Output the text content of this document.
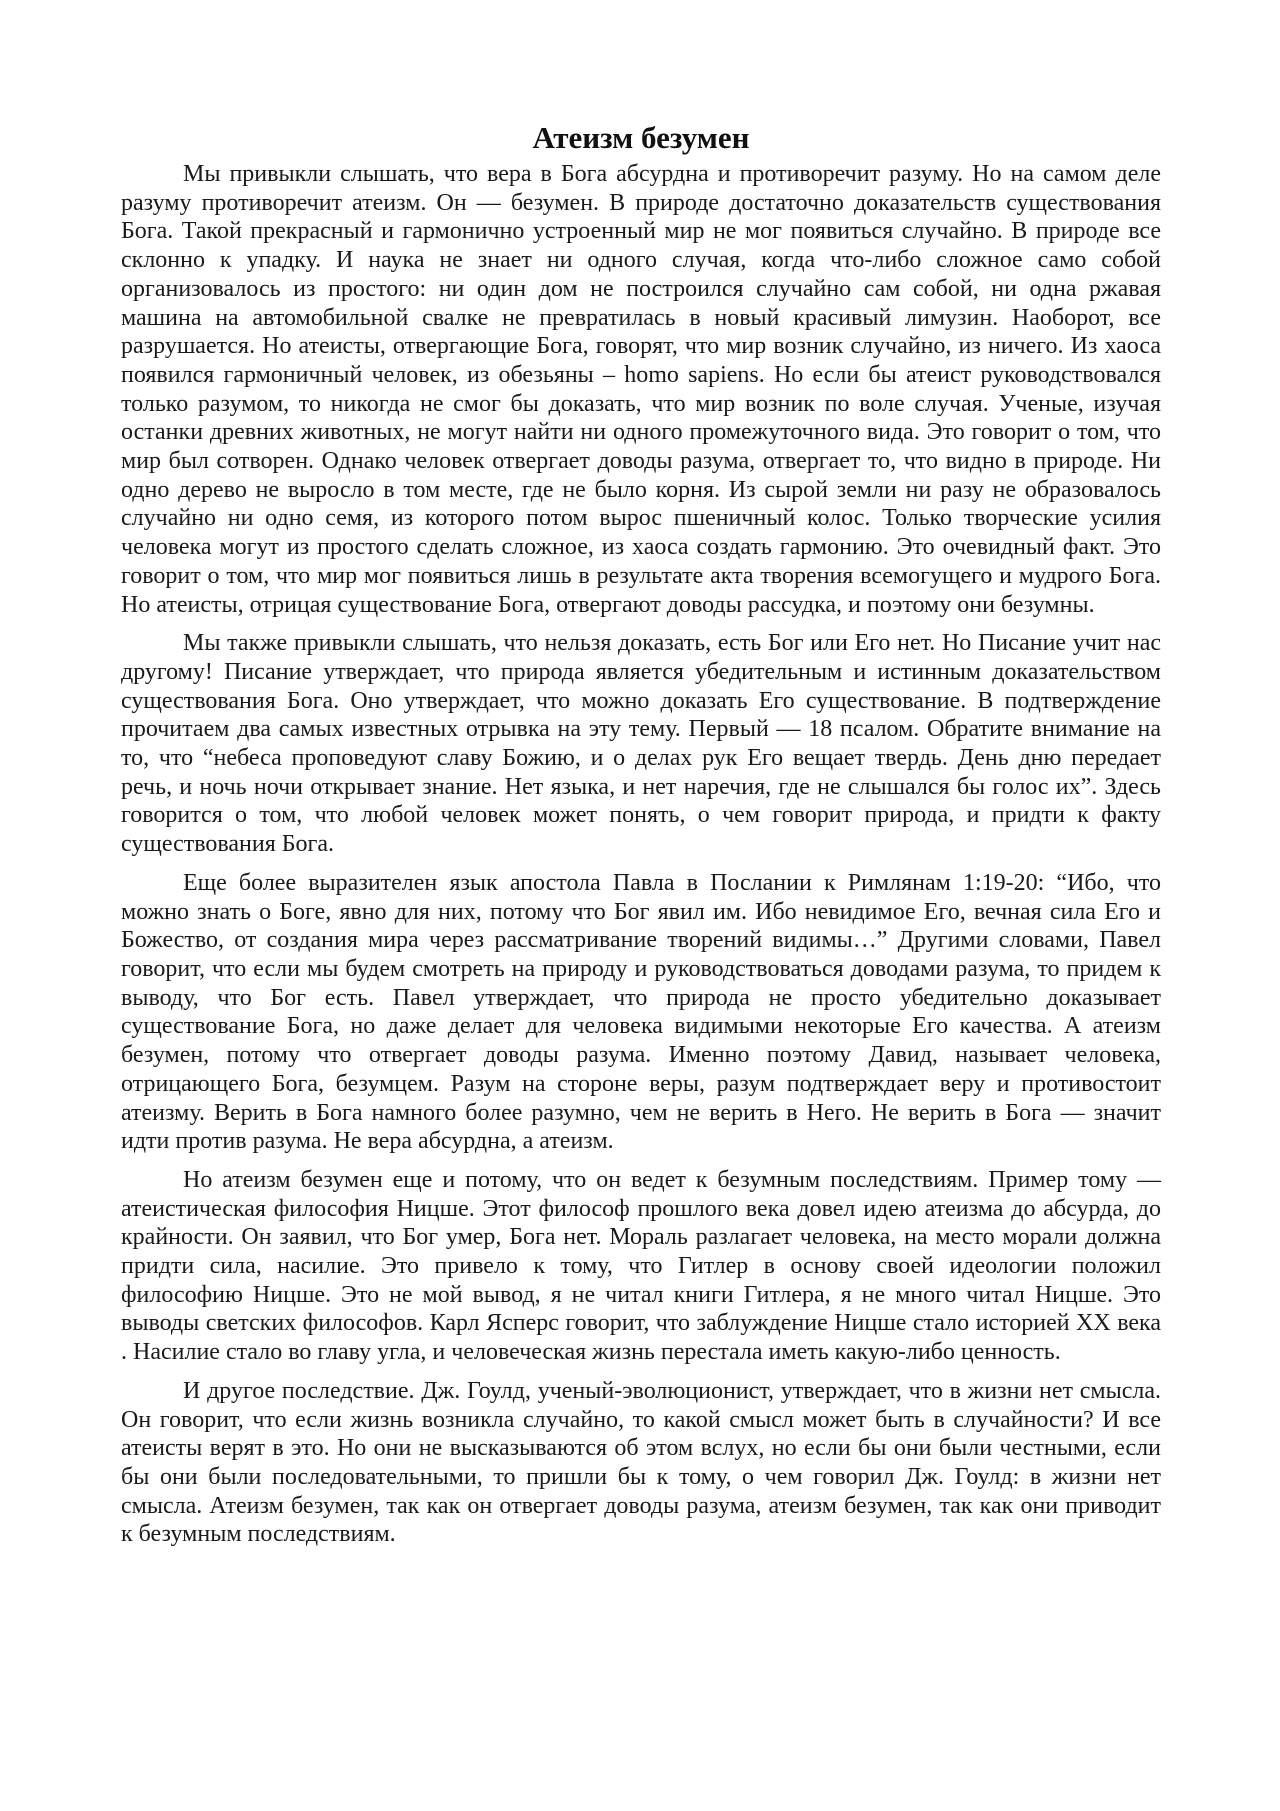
Атеизм безумен

Мы привыкли слышать, что вера в Бога абсурдна и противоречит разуму. Но на самом деле разуму противоречит атеизм. Он — безумен. В природе достаточно доказательств существования Бога. Такой прекрасный и гармонично устроенный мир не мог появиться случайно. В природе все склонно к упадку. И наука не знает ни одного случая, когда что-либо сложное само собой организовалось из простого: ни один дом не построился случайно сам собой, ни одна ржавая машина на автомобильной свалке не превратилась в новый красивый лимузин. Наоборот, все разрушается. Но атеисты, отвергающие Бога, говорят, что мир возник случайно, из ничего. Из хаоса появился гармоничный человек, из обезьяны – homo sapiens. Но если бы атеист руководствовался только разумом, то никогда не смог бы доказать, что мир возник по воле случая. Ученые, изучая останки древних животных, не могут найти ни одного промежуточного вида. Это говорит о том, что мир был сотворен. Однако человек отвергает доводы разума, отвергает то, что видно в природе. Ни одно дерево не выросло в том месте, где не было корня. Из сырой земли ни разу не образовалось случайно ни одно семя, из которого потом вырос пшеничный колос. Только творческие усилия человека могут из простого сделать сложное, из хаоса создать гармонию. Это очевидный факт. Это говорит о том, что мир мог появиться лишь в результате акта творения всемогущего и мудрого Бога. Но атеисты, отрицая существование Бога, отвергают доводы рассудка, и поэтому они безумны.

Мы также привыкли слышать, что нельзя доказать, есть Бог или Его нет. Но Писание учит нас другому! Писание утверждает, что природа является убедительным и истинным доказательством существования Бога. Оно утверждает, что можно доказать Его существование. В подтверждение прочитаем два самых известных отрывка на эту тему. Первый — 18 псалом. Обратите внимание на то, что “небеса проповедуют славу Божию, и о делах рук Его вещает твердь. День дню передает речь, и ночь ночи открывает знание. Нет языка, и нет наречия, где не слышался бы голос их”. Здесь говорится о том, что любой человек может понять, о чем говорит природа, и придти к факту существования Бога.

Еще более выразителен язык апостола Павла в Послании к Римлянам 1:19-20: “Ибо, что можно знать о Боге, явно для них, потому что Бог явил им. Ибо невидимое Его, вечная сила Его и Божество, от создания мира через рассматривание творений видимы…” Другими словами, Павел говорит, что если мы будем смотреть на природу и руководствоваться доводами разума, то придем к выводу, что Бог есть. Павел утверждает, что природа не просто убедительно доказывает существование Бога, но даже делает для человека видимыми некоторые Его качества. А атеизм безумен, потому что отвергает доводы разума. Именно поэтому Давид, называет человека, отрицающего Бога, безумцем. Разум на стороне веры, разум подтверждает веру и противостоит атеизму. Верить в Бога намного более разумно, чем не верить в Него. Не верить в Бога — значит идти против разума. Не вера абсурдна, а атеизм.

Но атеизм безумен еще и потому, что он ведет к безумным последствиям. Пример тому — атеистическая философия Ницше. Этот философ прошлого века довел идею атеизма до абсурда, до крайности. Он заявил, что Бог умер, Бога нет. Мораль разлагает человека, на место морали должна придти сила, насилие. Это привело к тому, что Гитлер в основу своей идеологии положил философию Ницше. Это не мой вывод, я не читал книги Гитлера, я не много читал Ницше. Это выводы светских философов. Карл Ясперс говорит, что заблуждение Ницше стало историей XX века . Насилие стало во главу угла, и человеческая жизнь перестала иметь какую-либо ценность.

И другое последствие. Дж. Гоулд, ученый-эволюционист, утверждает, что в жизни нет смысла. Он говорит, что если жизнь возникла случайно, то какой смысл может быть в случайности? И все атеисты верят в это. Но они не высказываются об этом вслух, но если бы они были честными, если бы они были последовательными, то пришли бы к тому, о чем говорил Дж. Гоулд: в жизни нет смысла. Атеизм безумен, так как он отвергает доводы разума, атеизм безумен, так как они приводит к безумным последствиям.
